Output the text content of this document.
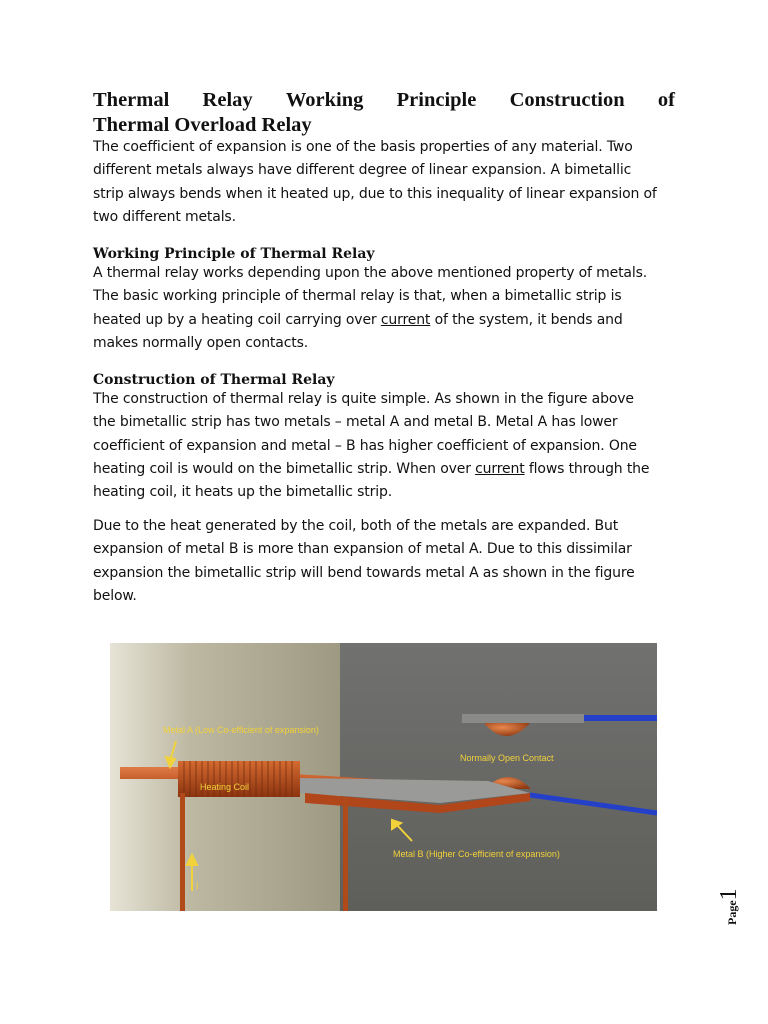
Thermal Relay Working Principle Construction of
Thermal Overload Relay

The coefficient of expansion is one of the basis properties of any material. Two
different metals always have different degree of linear expansion. A bimetallic
strip always bends when it heated up, due to this inequality of linear expansion of
two different metals.

Working Principle of Thermal Relay

A thermal relay works depending upon the above mentioned property of metals.
The basic working principle of thermal relay is that, when a bimetallic strip is
heated up by a heating coil carrying over current of the system, it bends and
makes normally open contacts.

Construction of Thermal Relay

The construction of thermal relay is quite simple. As shown in the figure above
the bimetallic strip has two metals – metal A and metal B. Metal A has lower
coefficient of expansion and metal – B has higher coefficient of expansion. One
heating coil is would on the bimetallic strip. When over current flows through the
heating coil, it heats up the bimetallic strip.

Due to the heat generated by the coil, both of the metals are expanded. But
expansion of metal B is more than expansion of metal A. Due to this dissimilar
expansion the bimetallic strip will bend towards metal A as shown in the figure
below.

Metal A (Low Co-efficient of expansion)
Normally Open Contact
Heating Coil
Metal B (Higher Co-efficient of expansion)
I
Page1
